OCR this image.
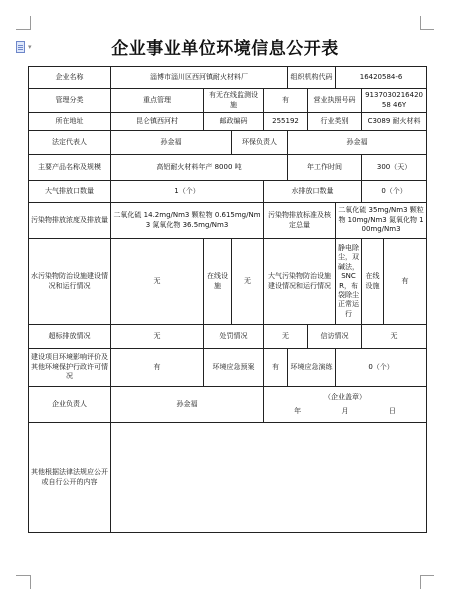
▾	企业事业单位环境信息公开表
企业名称	淄博市淄川区西河镇耐火材料厂				组织机构代码		16420584-6		
管理分类	重点管理	有无在线监测设施		有		营业执照号码		913703021642058 46Y	
所在地址	昆仑镇西河村	邮政编码		255192		行业类别		C3089 耐火材料	
法定代表人	孙金福		环保负责人		孙金福				
主要产品名称及规模	高铝耐火材料年产 8000 吨				年工作时间			300（天）	
大气排放口数量	1（个）			水排放口数量				0（个）	
污染物排放浓度及排放量	二氧化硫 14.2mg/Nm3 颗粒物 0.615mg/Nm3 氮氧化物 36.5mg/Nm3			污染物排放标准及核定总量			二氧化硫 35mg/Nm3 颗粒物 10mg/Nm3 氮氧化物 100mg/Nm3		
水污染物防治设施建设情况和运行情况	无	在线设施	无	大气污染物防治设施建设情况和运行情况			静电除尘，双碱法，SNCR，布袋除尘正常运行	在线设施	有
超标排放情况	无	处罚情况		无		信访情况		无	
建设项目环境影响评价及其他环境保护行政许可情况	有	环境应急预案		有	环境应急演练		0（个）		
企业负责人	孙金福			（企业盖章）
年 月 日					

其他根据法律法规应公开或自行公开的内容									
